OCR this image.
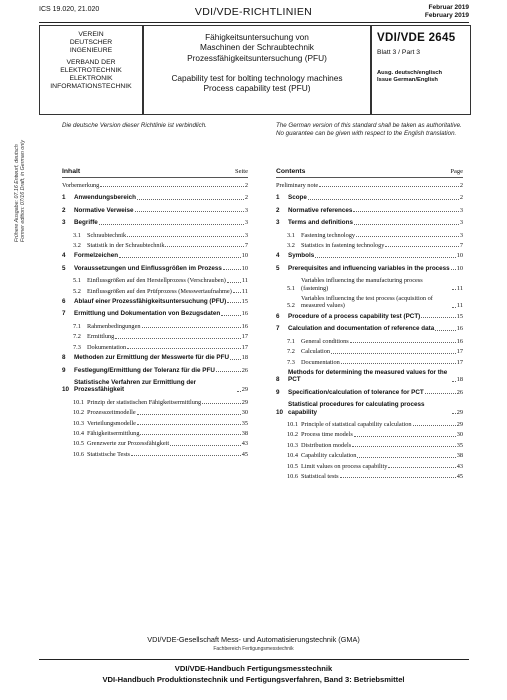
ICS 19.020, 21.020	VDI/VDE-RICHTLINIEN	Februar 2019
February 2019
VEREIN
DEUTSCHER
INGENIEURE
VERBAND DER
ELEKTROTECHNIK
ELEKTRONIK
INFORMATIONSTECHNIK
Fähigkeitsuntersuchung von
Maschinen der Schraubtechnik
Prozessfähigkeitsuntersuchung (PFU)
Capability test for bolting technology machines
Process capability test (PFU)
VDI/VDE 2645
Blatt 3 / Part 3
Ausg. deutsch/englisch
Issue German/English
Frühere Ausgabe: 07.16 Entwurf, deutsch Former edition: 07/16 Draft, in German only
Die deutsche Version dieser Richtlinie ist verbindlich.	The German version of this standard shall be taken as authoritative. No guarantee can be given with respect to the English translation.
Inhalt	Seite
Vorbemerkung	2
1	Anwendungsbereich	2
2	Normative Verweise	3
3	Begriffe	3
3.1 Schraubtechnik	3
3.2 Statistik in der Schraubtechnik	7
4	Formelzeichen	10
5	Voraussetzungen und Einflussgrößen im Prozess	10
5.1 Einflussgrößen auf den Herstellprozess (Verschrauben)	11
5.2 Einflussgrößen auf den Prüfprozess (Messwertaufnahme) 11
6	Ablauf einer Prozessfähigkeitsuntersuchung (PFU) 15
7	Ermittlung und Dokumentation von Bezugsdaten	16
7.1 Rahmenbedingungen	16
7.2 Ermittlung	17
7.3 Dokumentation	17
8	Methoden zur Ermittlung der Messwerte für die PFU 18
9	Festlegung/Ermittlung der Toleranz für die PFU	26
10
Statistische Verfahren zur Ermittlung der Prozessfähigkeit	29
10.1 Prinzip der statistischen Fähigkeitsermittlung	29
10.2 Prozesszeitmodelle	30
10.3 Verteilungsmodelle	35
10.4 Fähigkeitsermittlung	38
10.5 Grenzwerte zur Prozessfähigkeit	43
10.6 Statistische Tests	45
Contents	Page
Preliminary note	2
1	Scope	2
2	Normative references	3
3	Terms and definitions	3
3.1 Fastening technology	3
3.2 Statistics in fastening technology	7
4	Symbols	10
5	Prerequisites and influencing variables in the process 10
5.1
Variables influencing the manufacturing process (fastening)	11
5.2
Variables influencing the test process (acquisition of measured values)	11
6	Procedure of a process capability test (PCT)	15
7	Calculation and documentation of reference data	16
7.1 General conditions	16
7.2 Calculation	17
7.3 Documentation	17
8
Methods for determining the measured values for the PCT	18
9	Specification/calculation of tolerance for PCT	26
10
Statistical procedures for calculating process capability	29
10.1 Principle of statistical capability calculation	29
10.2 Process time models	30
10.3 Distribution models	35
10.4 Capability calculation	38
10.5 Limit values on process capability	43
10.6 Statistical tests	45
VDI/VDE-Gesellschaft Mess- und Automatisierungstechnik (GMA)
Fachbereich Fertigungsmesstechnik
VDI/VDE-Handbuch Fertigungsmesstechnik
VDI-Handbuch Produktionstechnik und Fertigungsverfahren, Band 3: Betriebsmittel
